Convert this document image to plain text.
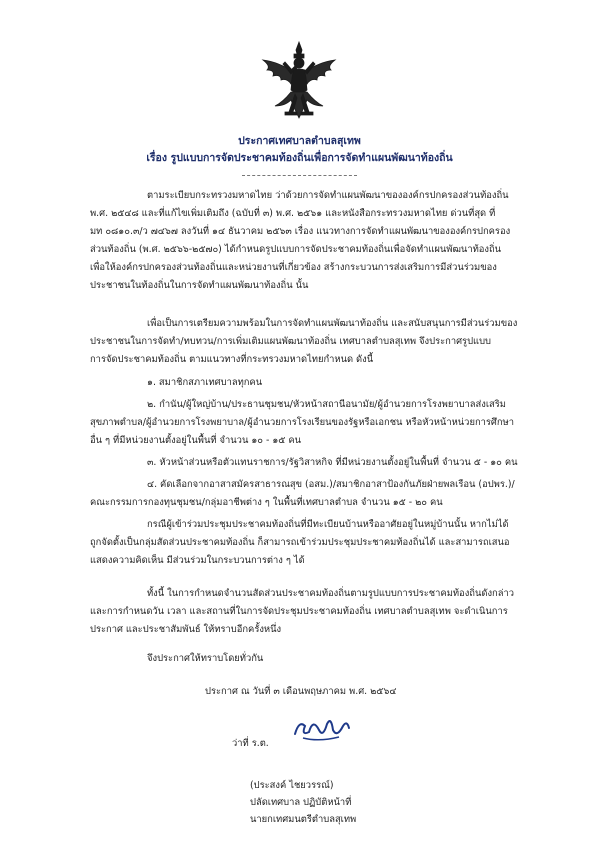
ประกาศเทศบาลตำบลสุเทพ
เรื่อง รูปแบบการจัดประชาคมท้องถิ่นเพื่อการจัดทำแผนพัฒนาท้องถิ่น
ตามระเบียบกระทรวงมหาดไทย ว่าด้วยการจัดทำแผนพัฒนาขององค์กรปกครองส่วนท้องถิ่น
พ.ศ. ๒๕๔๘ และที่แก้ไขเพิ่มเติมถึง (ฉบับที่ ๓) พ.ศ. ๒๕๖๑ และหนังสือกระทรวงมหาดไทย ด่วนที่สุด ที่
มท ๐๘๑๐.๓/ว ๗๔๖๗ ลงวันที่ ๑๔ ธันวาคม ๒๕๖๓ เรื่อง แนวทางการจัดทำแผนพัฒนาขององค์กรปกครอง
ส่วนท้องถิ่น (พ.ศ. ๒๕๖๖-๒๕๗๐) ได้กำหนดรูปแบบการจัดประชาคมท้องถิ่นเพื่อจัดทำแผนพัฒนาท้องถิ่น
เพื่อให้องค์กรปกครองส่วนท้องถิ่นและหน่วยงานที่เกี่ยวข้อง สร้างกระบวนการส่งเสริมการมีส่วนร่วมของ
ประชาชนในท้องถิ่นในการจัดทำแผนพัฒนาท้องถิ่น นั้น
เพื่อเป็นการเตรียมความพร้อมในการจัดทำแผนพัฒนาท้องถิ่น และสนับสนุนการมีส่วนร่วมของ
ประชาชนในการจัดทำ/ทบทวน/การเพิ่มเติมแผนพัฒนาท้องถิ่น เทศบาลตำบลสุเทพ จึงประกาศรูปแบบ
การจัดประชาคมท้องถิ่น ตามแนวทางที่กระทรวงมหาดไทยกำหนด ดังนี้
๑. สมาชิกสภาเทศบาลทุกคน
๒. กำนัน/ผู้ใหญ่บ้าน/ประธานชุมชน/หัวหน้าสถานีอนามัย/ผู้อำนวยการโรงพยาบาลส่งเสริม
สุขภาพตำบล/ผู้อำนวยการโรงพยาบาล/ผู้อำนวยการโรงเรียนของรัฐหรือเอกชน หรือหัวหน้าหน่วยการศึกษา
อื่น ๆ ที่มีหน่วยงานตั้งอยู่ในพื้นที่ จำนวน ๑๐ - ๑๕ คน
๓. หัวหน้าส่วนหรือตัวแทนราชการ/รัฐวิสาหกิจ ที่มีหน่วยงานตั้งอยู่ในพื้นที่ จำนวน ๕ - ๑๐ คน
๔. คัดเลือกจากอาสาสมัครสาธารณสุข (อสม.)/สมาชิกอาสาป้องกันภัยฝ่ายพลเรือน (อปพร.)/
คณะกรรมการกองทุนชุมชน/กลุ่มอาชีพต่าง ๆ ในพื้นที่เทศบาลตำบล จำนวน ๑๕ - ๒๐ คน
กรณีผู้เข้าร่วมประชุมประชาคมท้องถิ่นที่มีทะเบียนบ้านหรืออาศัยอยู่ในหมู่บ้านนั้น หากไม่ได้
ถูกจัดตั้งเป็นกลุ่มสัดส่วนประชาคมท้องถิ่น ก็สามารถเข้าร่วมประชุมประชาคมท้องถิ่นได้ และสามารถเสนอ
แสดงความคิดเห็น มีส่วนร่วมในกระบวนการต่าง ๆ ได้
ทั้งนี้ ในการกำหนดจำนวนสัดส่วนประชาคมท้องถิ่นตามรูปแบบการประชาคมท้องถิ่นดังกล่าว
และการกำหนดวัน เวลา และสถานที่ในการจัดประชุมประชาคมท้องถิ่น เทศบาลตำบลสุเทพ จะดำเนินการ
ประกาศ และประชาสัมพันธ์ ให้ทราบอีกครั้งหนึ่ง
จึงประกาศให้ทราบโดยทั่วกัน
ประกาศ ณ วันที่ ๓ เดือนพฤษภาคม พ.ศ. ๒๕๖๔
ว่าที่ ร.ต.
(ประสงค์ ไชยวรรณ์)
ปลัดเทศบาล ปฏิบัติหน้าที่
นายกเทศมนตรีตำบลสุเทพ
